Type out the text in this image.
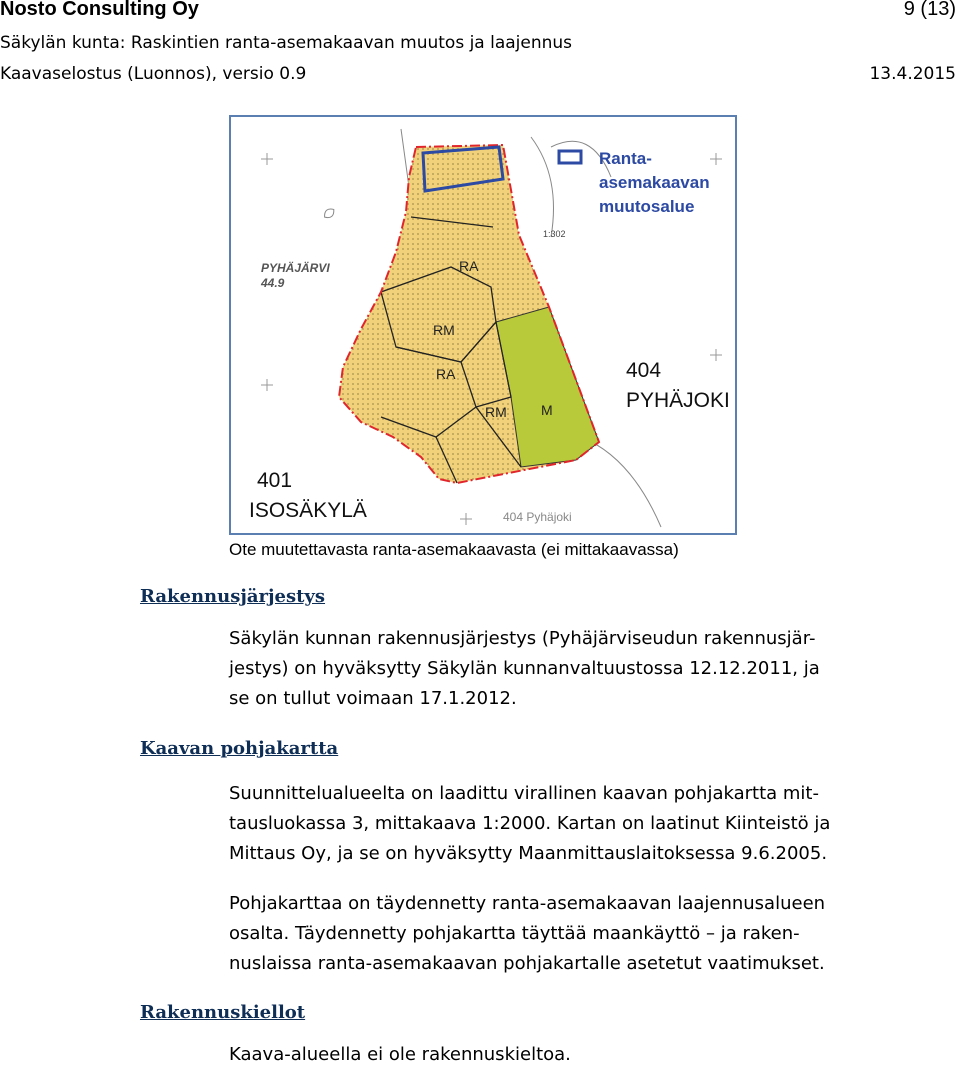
Nosto Consulting Oy	9 (13)
Säkylän kunta: Raskintien ranta-asemakaavan muutos ja laajennus
Kaavaselostus (Luonnos), versio 0.9	13.4.2015
Ranta-
asemakaavan
muutosalue
PYHÄJÄRVI
44.9
RA
RM
RA
RM M
1:302
404
PYHÄJOKI
401
ISOSÄKYLÄ	404 Pyhäjoki
Ote muutettavasta ranta-asemakaavasta (ei mittakaavassa)
Rakennusjärjestys
Säkylän kunnan rakennusjärjestys (Pyhäjärviseudun rakennusjär-
jestys) on hyväksytty Säkylän kunnanvaltuustossa 12.12.2011, ja
se on tullut voimaan 17.1.2012.
Kaavan pohjakartta
Suunnittelualueelta on laadittu virallinen kaavan pohjakartta mit-
tausluokassa 3, mittakaava 1:2000. Kartan on laatinut Kiinteistö ja
Mittaus Oy, ja se on hyväksytty Maanmittauslaitoksessa 9.6.2005.
Pohjakarttaa on täydennetty ranta-asemakaavan laajennusalueen
osalta. Täydennetty pohjakartta täyttää maankäyttö – ja raken-
nuslaissa ranta-asemakaavan pohjakartalle asetetut vaatimukset.
Rakennuskiellot
Kaava-alueella ei ole rakennuskieltoa.
